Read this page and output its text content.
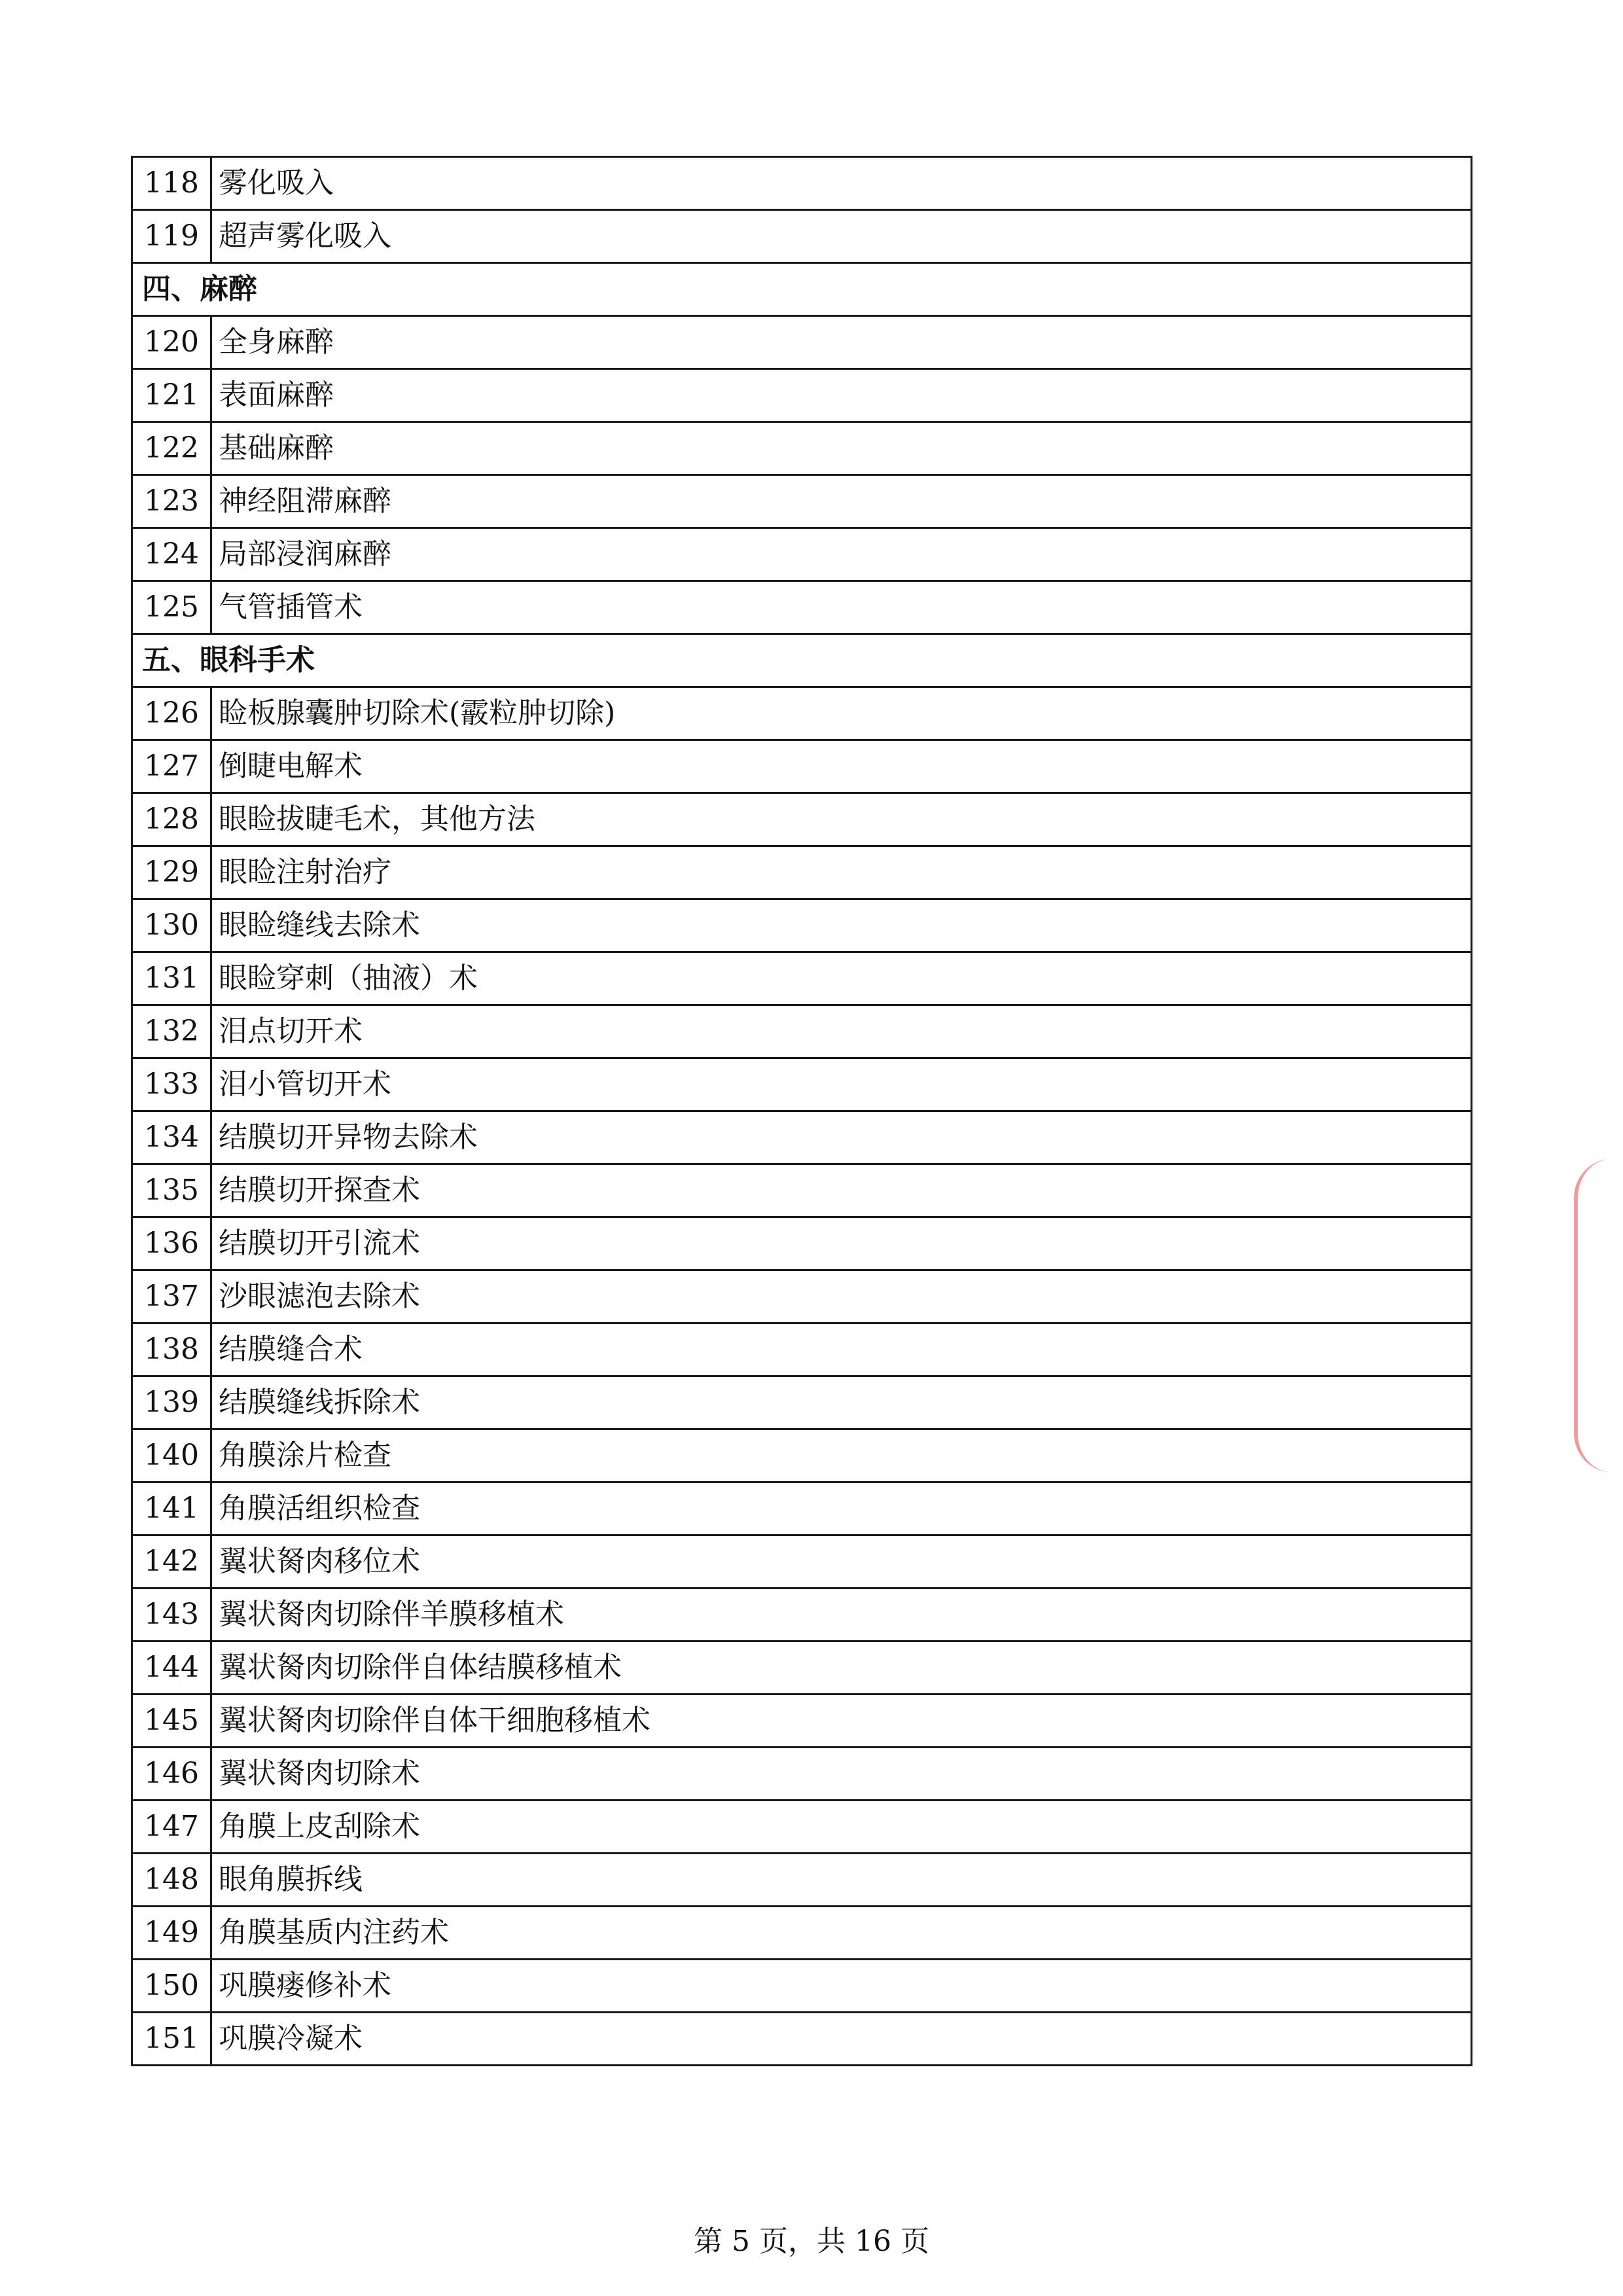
118	雾化吸入
119	超声雾化吸入
四、麻醉	
120	全身麻醉
121	表面麻醉
122	基础麻醉
123	神经阻滞麻醉
124	局部浸润麻醉
125	气管插管术
五、眼科手术	
126	睑板腺囊肿切除术(霰粒肿切除)
127	倒睫电解术
128	眼睑拔睫毛术，其他方法
129	眼睑注射治疗
130	眼睑缝线去除术
131	眼睑穿刺（抽液）术
132	泪点切开术
133	泪小管切开术
134	结膜切开异物去除术
135	结膜切开探查术
136	结膜切开引流术
137	沙眼滤泡去除术
138	结膜缝合术
139	结膜缝线拆除术
140	角膜涂片检查
141	角膜活组织检查
142	翼状胬肉移位术
143	翼状胬肉切除伴羊膜移植术
144	翼状胬肉切除伴自体结膜移植术
145	翼状胬肉切除伴自体干细胞移植术
146	翼状胬肉切除术
147	角膜上皮刮除术
148	眼角膜拆线
149	角膜基质内注药术
150	巩膜瘘修补术
151	巩膜冷凝术
第 5 页，共 16 页
